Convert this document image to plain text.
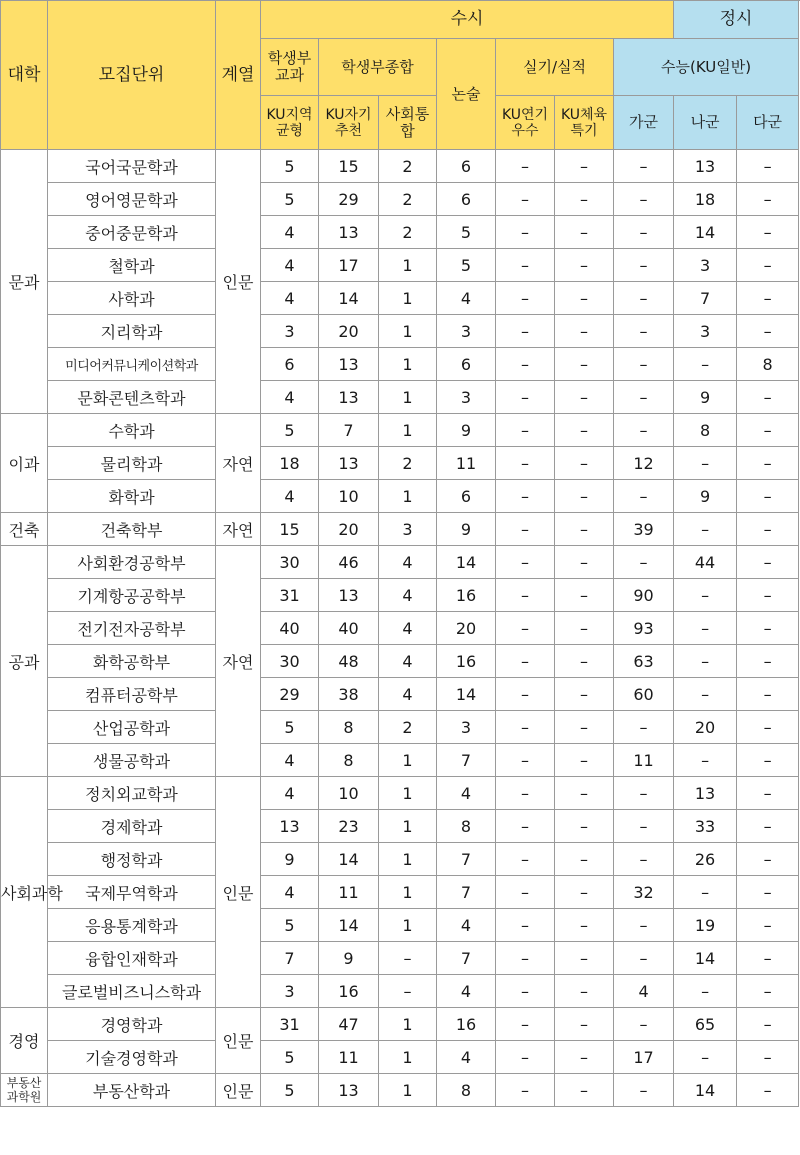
대학	모집단위	계열	수시							정시	
			학생부교과	학생부종합		논술	실기/실적		수능(KU일반)		
			KU지역균형	KU자기추천	사회통합		KU연기우수	KU체육특기	가군	나군	다군
문과	국어국문학과	인문	5	15	2	6	–	–	–	13	–
	영어영문학과		5	29	2	6	–	–	–	18	–
	중어중문학과		4	13	2	5	–	–	–	14	–
	철학과		4	17	1	5	–	–	–	3	–
	사학과		4	14	1	4	–	–	–	7	–
	지리학과		3	20	1	3	–	–	–	3	–
	미디어커뮤니케이션학과		6	13	1	6	–	–	–	–	8
	문화콘텐츠학과		4	13	1	3	–	–	–	9	–
이과	수학과	자연	5	7	1	9	–	–	–	8	–
	물리학과		18	13	2	11	–	–	12	–	–
	화학과		4	10	1	6	–	–	–	9	–
건축	건축학부	자연	15	20	3	9	–	–	39	–	–
공과	사회환경공학부	자연	30	46	4	14	–	–	–	44	–
	기계항공공학부		31	13	4	16	–	–	90	–	–
	전기전자공학부		40	40	4	20	–	–	93	–	–
	화학공학부		30	48	4	16	–	–	63	–	–
	컴퓨터공학부		29	38	4	14	–	–	60	–	–
	산업공학과		5	8	2	3	–	–	–	20	–
	생물공학과		4	8	1	7	–	–	11	–	–
사회과학	정치외교학과	인문	4	10	1	4	–	–	–	13	–
	경제학과		13	23	1	8	–	–	–	33	–
	행정학과		9	14	1	7	–	–	–	26	–
	국제무역학과		4	11	1	7	–	–	32	–	–
	응용통계학과		5	14	1	4	–	–	–	19	–
	융합인재학과		7	9	–	7	–	–	–	14	–
	글로벌비즈니스학과		3	16	–	4	–	–	4	–	–
경영	경영학과	인문	31	47	1	16	–	–	–	65	–
	기술경영학과		5	11	1	4	–	–	17	–	–
부동산과학원	부동산학과	인문	5	13	1	8	–	–	–	14	–
